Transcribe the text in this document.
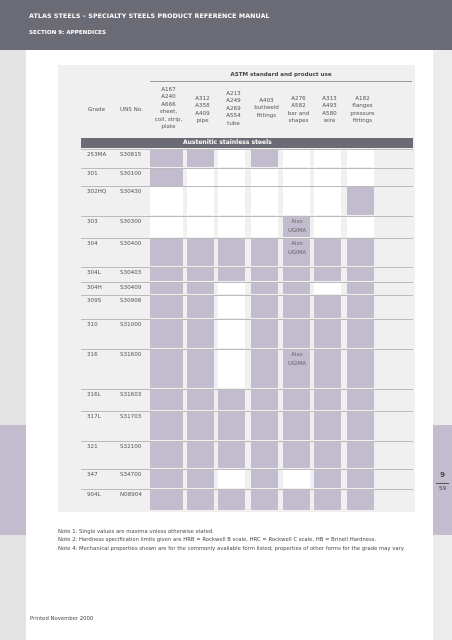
ATLAS STEELS – SPECIALTY STEELS PRODUCT REFERENCE MANUAL
SECTION 9: APPENDICES
ASTM standard and product use
Grade	UNS No.
A167
A240
A666
sheet,
coil, strip,
plate
A312
A358
A409
pipe
A213
A249
A269
A554
tube
A403
buttweld
fittings
A276
A582
bar and
shapes
A313
A493
A580
wire
A182
flanges
pressure
fittings
Austenitic stainless steels
253MA S30815
301	S30100
302HQ S30430
303	S30300	Also
UGIMA
304	S30400	Also
UGIMA
304L	S30403
304H	S30409
309S	S30908
310	S31000
316	S31600	Also
UGIMA
316L	S31603
317L	S31703
321	S32100
347	S34700
904L	N08904
Note 1: Single values are maxima unless otherwise stated.
Note 2: Hardness specification limits given are HRB = Rockwell B scale, HRC = Rockwell C scale, HB = Brinell Hardness.
Note 4: Mechanical properties shown are for the commonly available form listed; properties of other forms for the grade may vary.
Printed November 2000
9
59
